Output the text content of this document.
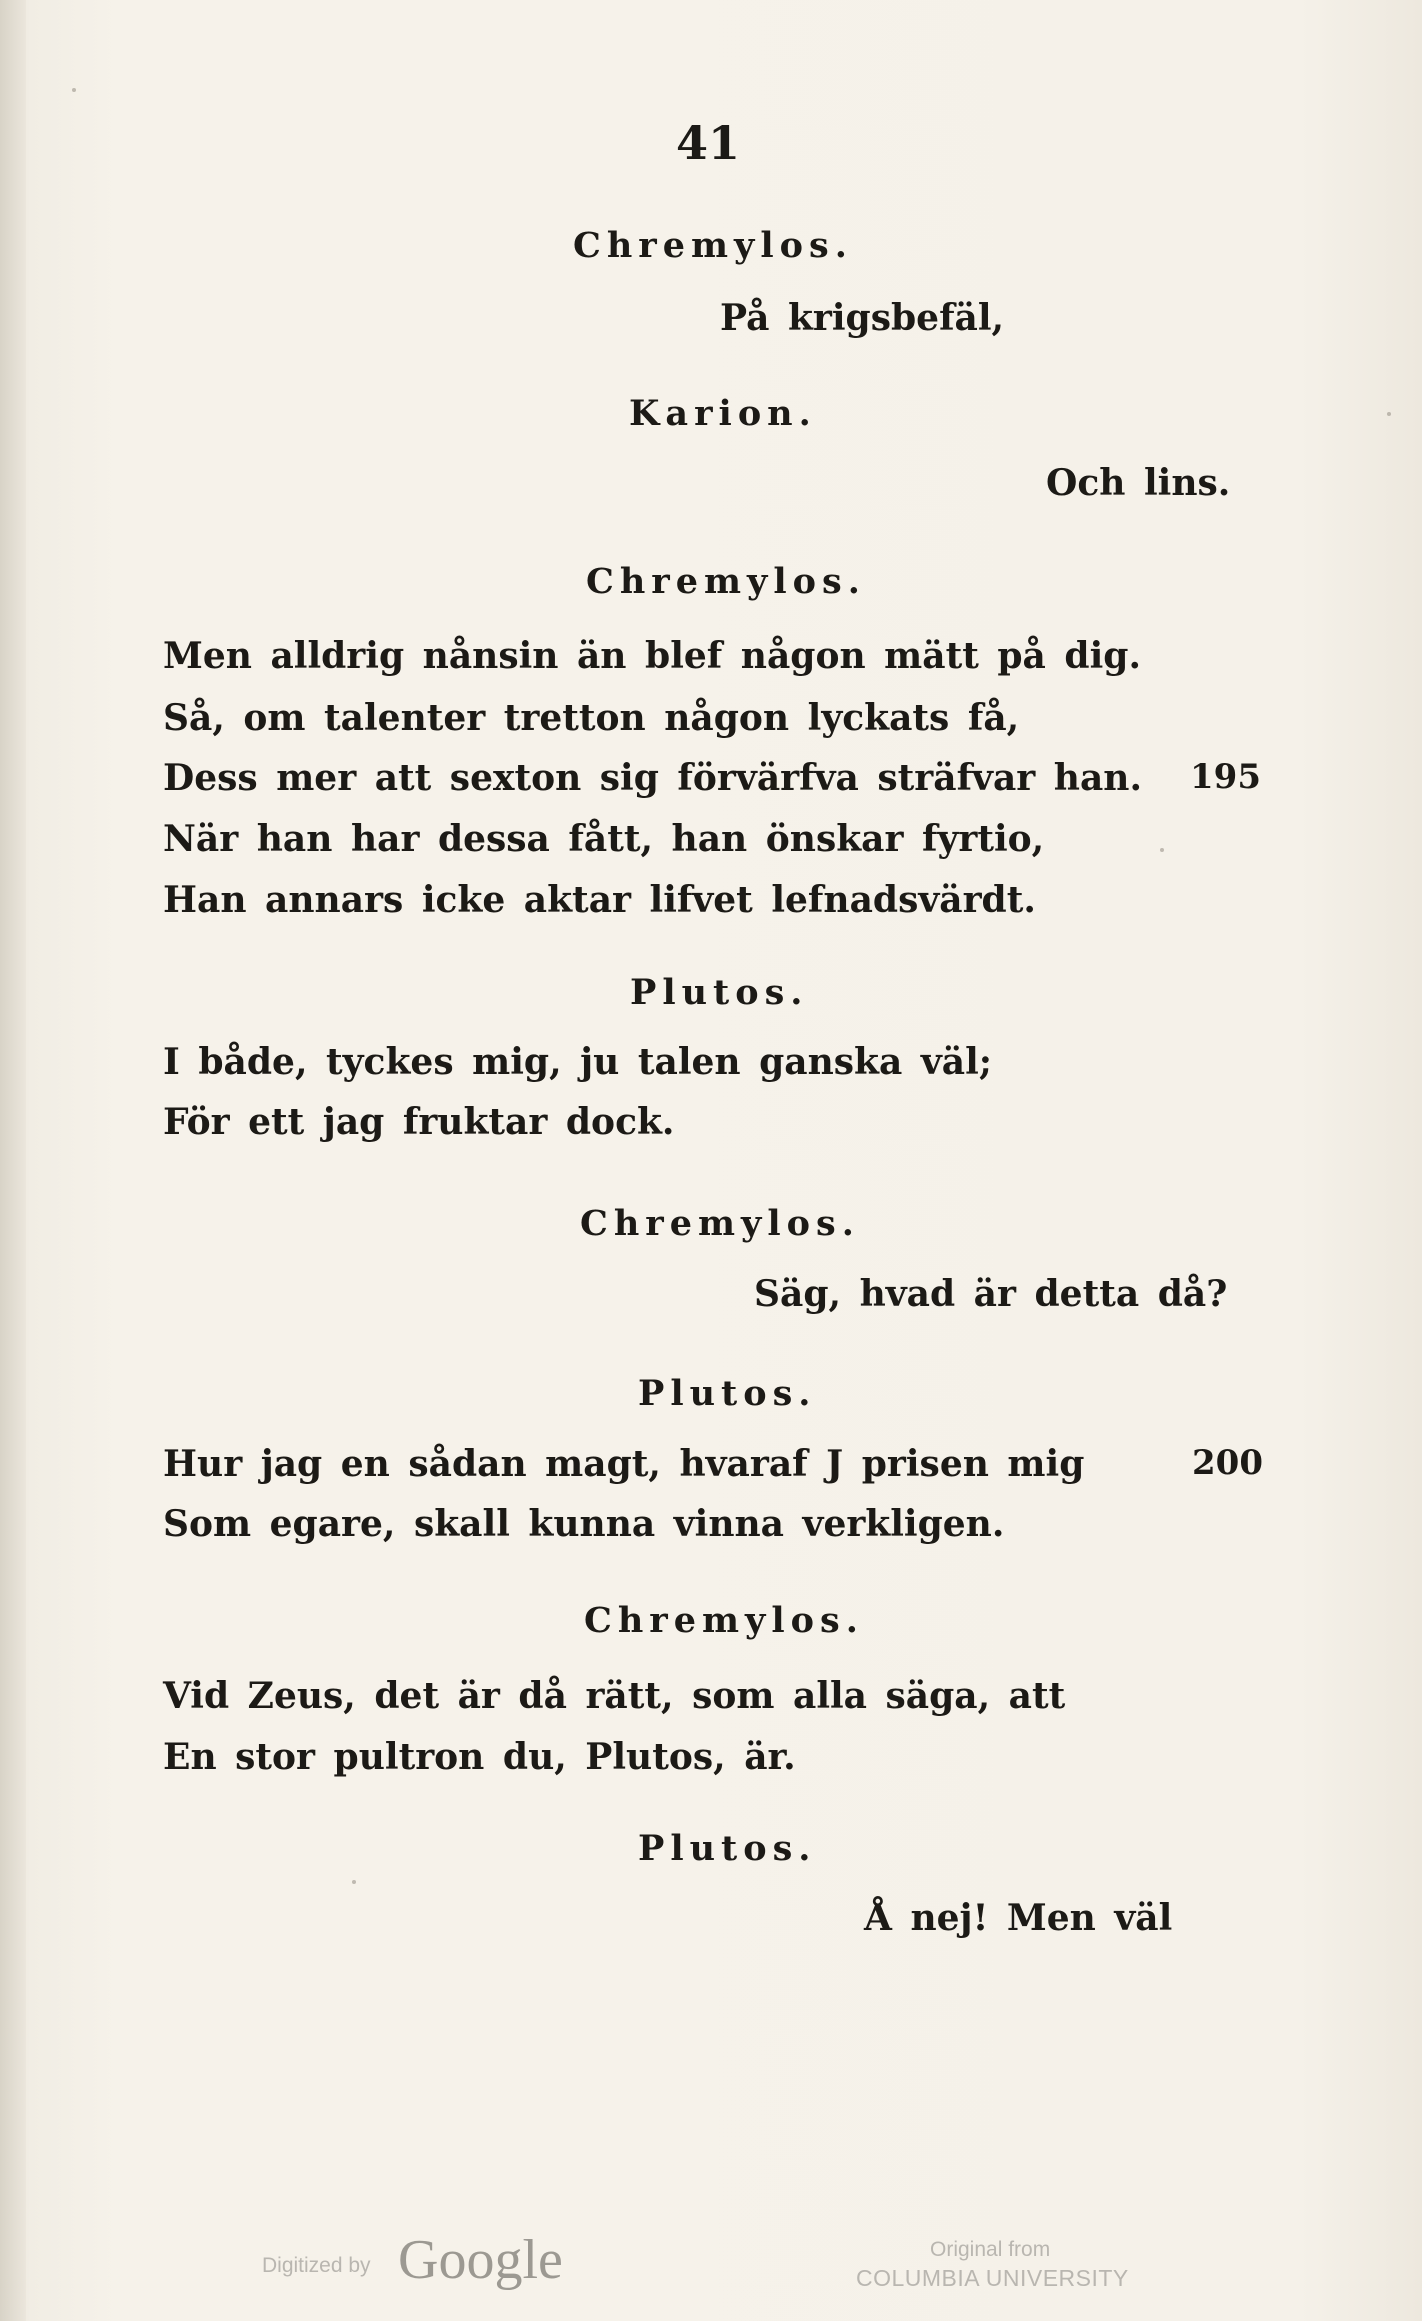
41
Chremylos.
På krigsbefäl,
Karion.
Och lins.
Chremylos.
Men alldrig nånsin än blef någon mätt på dig.
Så, om talenter tretton någon lyckats få,
Dess mer att sexton sig förvärfva sträfvar han. 195
När han har dessa fått, han önskar fyrtio,
Han annars icke aktar lifvet lefnadsvärdt.
Plutos.
I både, tyckes mig, ju talen ganska väl;
För ett jag fruktar dock.
Chremylos.
Säg, hvad är detta då?
Plutos.
Hur jag en sådan magt, hvaraf J prisen mig	200
Som egare, skall kunna vinna verkligen.
Chremylos.
Vid Zeus, det är då rätt, som alla säga, att
En stor pultron du, Plutos, är.
Plutos.
Å nej! Men väl
Digitized by Google	Original from
COLUMBIA UNIVERSITY
